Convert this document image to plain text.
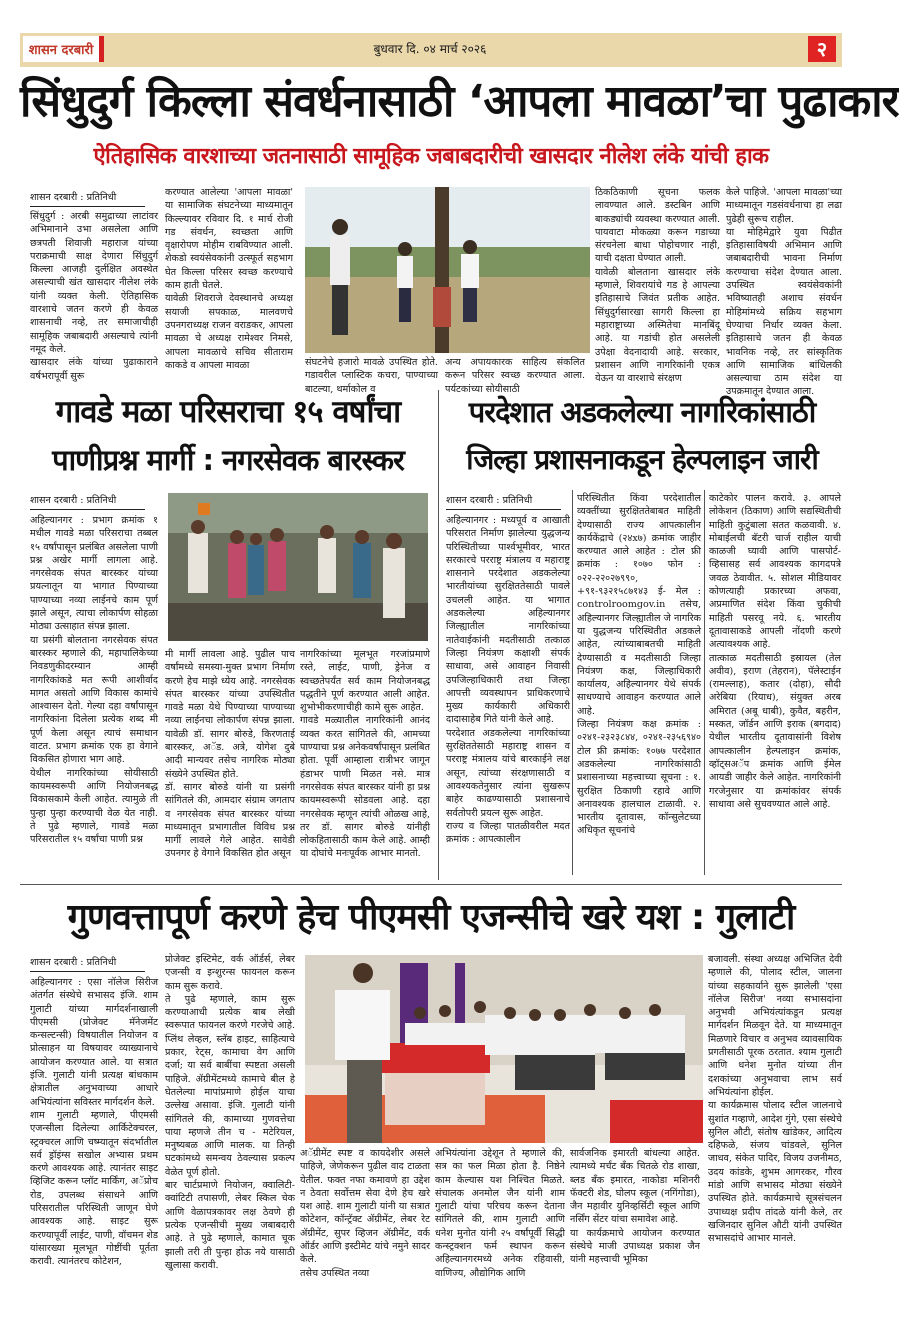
शासन दरबारी	बुधवार दि. ०४ मार्च २०२६	२
सिंधुदुर्ग किल्ला संवर्धनासाठी ‘आपला मावळा’चा पुढाकार
ऐतिहासिक वारशाच्या जतनासाठी सामूहिक जबाबदारीची खासदार नीलेश लंके यांची हाक
शासन दरबारी : प्रतिनिधी
सिंधुदुर्ग : अरबी समुद्राच्या लाटांवर अभिमानाने उभा असलेला आणि छत्रपती शिवाजी महाराज यांच्या पराक्रमाची साक्ष देणारा सिंधुदुर्ग किल्ला आजही दुर्लक्षित अवस्थेत असल्याची खंत खासदार नीलेश लंके यांनी व्यक्त केली. ऐतिहासिक वारशाचे जतन करणे ही केवळ शासनाची नव्हे, तर समाजाचीही सामूहिक जबाबदारी असल्याचे त्यांनी नमूद केले.
खासदार लंके यांच्या पुढाकाराने वर्षभरापूर्वी सुरू
करण्यात आलेल्या 'आपला मावळा' या सामाजिक संघटनेच्या माध्यमातून किल्ल्यावर रविवार दि. १ मार्च रोजी गड संवर्धन, स्वच्छता आणि वृक्षारोपण मोहीम राबविण्यात आली. शेकडो स्वयंसेवकांनी उत्स्फूर्त सहभाग घेत किल्ला परिसर स्वच्छ करण्याचे काम हाती घेतले.
यावेळी शिवराजे देवस्थानचे अध्यक्ष सयाजी सपकाळ, मालवणचे उपनगराध्यक्ष राजन वराडकर, आपला मावळा चे अध्यक्ष रामेश्वर निमसे, आपला मावळाचे सचिव सीताराम काकडे व आपला मावळा	संघटनेचे हजारो मावळे उपस्थित होते. गडावरील प्लास्टिक कचरा, पाण्याच्या बाटल्या, थर्माकोल व
अन्य अपायकारक साहित्य संकलित करून परिसर स्वच्छ करण्यात आला. पर्यटकांच्या सोयीसाठी
ठिकठिकाणी सूचना फलक लावण्यात आले. डस्टबिन आणि बाकड्यांची व्यवस्था करण्यात आली. पायवाटा मोकळ्या करून गडाच्या संरचनेला बाधा पोहोचणार नाही, याची दक्षता घेण्यात आली.
यावेळी बोलताना खासदार लंके म्हणाले, शिवरायांचे गड हे आपल्या इतिहासाचे जिवंत प्रतीक आहेत. सिंधुदुर्गसारखा सागरी किल्ला हा महाराष्ट्राच्या अस्मितेचा मानबिंदू आहे. या गडांची होत असलेली उपेक्षा वेदनादायी आहे. सरकार, प्रशासन आणि नागरिकांनी एकत्र येऊन या वारशाचे संरक्षण
केले पाहिजे. 'आपला मावळा'च्या माध्यमातून गडसंवर्धनाचा हा लढा पुढेही सुरूच राहील.
या मोहिमेद्वारे युवा पिढीत इतिहासाविषयी अभिमान आणि जबाबदारीची भावना निर्माण करण्याचा संदेश देण्यात आला. उपस्थित स्वयंसेवकांनी भविष्यातही अशाच संवर्धन मोहिमांमध्ये सक्रिय सहभाग घेण्याचा निर्धार व्यक्त केला. इतिहासाचे जतन ही केवळ भावनिक नव्हे, तर सांस्कृतिक आणि सामाजिक बांधिलकी असल्याचा ठाम संदेश या उपक्रमातून देण्यात आला.
गावडे मळा परिसराचा १५ वर्षांचा
पाणीप्रश्न मार्गी : नगरसेवक बारस्कर
शासन दरबारी : प्रतिनिधी
अहिल्यानगर : प्रभाग क्रमांक १ मधील गावडे मळा परिसराचा तब्बल १५ वर्षांपासून प्रलंबित असलेला पाणी प्रश्न अखेर मार्गी लागला आहे. नगरसेवक संपत बारस्कर यांच्या प्रयत्नातून या भागात पिण्याच्या पाण्याच्या नव्या लाईनचे काम पूर्ण झाले असून, त्याचा लोकार्पण सोहळा मोठ्या उत्साहात संपन्न झाला.
या प्रसंगी बोलताना नगरसेवक संपत बारस्कर म्हणाले की, महापालिकेच्या निवडणुकीदरम्यान आम्ही नागरिकांकडे मत रूपी आशीर्वाद मागत असतो आणि विकास कामांचे आश्वासन देतो. गेल्या दहा वर्षांपासून नागरिकांना दिलेला प्रत्येक शब्द मी पूर्ण केला असून त्याचं समाधान वाटत. प्रभाग क्रमांक एक हा वेगाने विकसित होणारा भाग आहे.
येथील नागरिकांच्या सोयीसाठी कायमस्वरूपी आणि नियोजनबद्ध विकासकामे केली आहेत. त्यामुळे ती पुन्हा पुन्हा करण्याची वेळ येत नाही. ते पुढे म्हणाले, गावडे मळा परिसरातील १५ वर्षांचा पाणी प्रश्न
मी मार्गी लावला आहे. पुढील पाच वर्षांमध्ये समस्या-मुक्त प्रभाग निर्माण करणे हेच माझे ध्येय आहे. नगरसेवक संपत बारस्कर यांच्या उपस्थितीत गावडे मळा येथे पिण्याच्या पाण्याच्या नव्या लाईनचा लोकार्पण संपन्न झाला. यावेळी डॉ. सागर बोरुडे, किरणताई बारस्कर, अॅड. अत्रे, योगेश दुबे आदी मान्यवर तसेच नागरिक मोठ्या संख्येने उपस्थित होते.
डॉ. सागर बोरुडे यांनी या प्रसंगी सांगितले की, आमदार संग्राम जगताप व नगरसेवक संपत बारस्कर यांच्या माध्यमातून प्रभागातील विविध प्रश्न मार्गी लावले गेले आहेत. सावेडी उपनगर हे वेगाने विकसित होत असून
नागरिकांच्या मूलभूत गरजांप्रमाणे रस्ते, लाईट, पाणी, ड्रेनेज व स्वच्छतेपर्यंत सर्व काम नियोजनबद्ध पद्धतीने पूर्ण करण्यात आली आहेत. शुभोभीकरणाचीही कामे सुरू आहेत.
गावडे मळ्यातील नागरिकांनी आनंद व्यक्त करत सांगितले की, आमच्या पाण्याचा प्रश्न अनेकवर्षांपासून प्रलंबित होता. पूर्वी आम्हाला रात्रीभर जागून हंडाभर पाणी मिळत नसे. मात्र नगरसेवक संपत बारस्कर यांनी हा प्रश्न कायमस्वरूपी सोडवला आहे. दहा नगरसेवक म्हणून त्यांची ओळख आहे, तर डॉ. सागर बोरुडे यांनीही लोकहितासाठी काम केले आहे. आम्ही या दोघांचे मनःपूर्वक आभार मानतो.
परदेशात अडकलेल्या नागरिकांसाठी
जिल्हा प्रशासनाकडून हेल्पलाइन जारी
शासन दरबारी : प्रतिनिधी
अहिल्यानगर : मध्यपूर्व व आखाती परिसरात निर्माण झालेल्या युद्धजन्य परिस्थितीच्या पार्श्वभूमीवर, भारत सरकारचे परराष्ट्र मंत्रालय व महाराष्ट्र शासनाने परदेशात अडकलेल्या भारतीयांच्या सुरक्षिततेसाठी पावले उचलली आहेत. या भागात अडकलेल्या अहिल्यानगर जिल्ह्यातील नागरिकांच्या नातेवाईकांनी मदतीसाठी तत्काळ जिल्हा नियंत्रण कक्षाशी संपर्क साधावा, असे आवाहन निवासी उपजिल्हाधिकारी तथा जिल्हा आपत्ती व्यवस्थापन प्राधिकरणाचे मुख्य कार्यकारी अधिकारी दादासाहेब गिते यांनी केले आहे.
परदेशात अडकलेल्या नागरिकांच्या सुरक्षिततेसाठी महाराष्ट्र शासन व परराष्ट्र मंत्रालय यांचे बारकाईने लक्ष असून, त्यांच्या संरक्षणासाठी व आवश्यकतेनुसार त्यांना सुखरूप बाहेर काढण्यासाठी प्रशासनाचे सर्वतोपरी प्रयत्न सुरू आहेत.
राज्य व जिल्हा पातळीवरील मदत क्रमांक : आपत्कालीन
परिस्थितीत किंवा परदेशातील व्यक्तींच्या सुरक्षिततेबाबत माहिती देण्यासाठी राज्य आपत्कालीन कार्यकेंद्राचे (२४x७) क्रमांक जाहीर करण्यात आले आहेत : टोल फ्री क्रमांक : १०७० फोन : ०२२-२२०२७९९०, +९१-९३२१५८७१४३ ई- मेल : controlroomgov.in तसेच, अहिल्यानगर जिल्ह्यातील जे नागरिक या युद्धजन्य परिस्थितीत अडकले आहेत, त्यांच्याबाबतची माहिती देण्यासाठी व मदतीसाठी जिल्हा नियंत्रण कक्ष, जिल्हाधिकारी कार्यालय, अहिल्यानगर येथे संपर्क साधण्याचे आवाहन करण्यात आले आहे.
जिल्हा नियंत्रण कक्ष क्रमांक : ०२४१-२३२३८४४, ०२४१-२३५६९४० टोल फ्री क्रमांक: १०७७ परदेशात अडकलेल्या नागरिकांसाठी प्रशासनाच्या महत्त्वाच्या सूचना : १. सुरक्षित ठिकाणी रहावे आणि अनावश्यक हालचाल टाळावी. २. भारतीय दूतावास, कॉन्सुलेटच्या अधिकृत सूचनांचे
काटेकोर पालन करावे. ३. आपले लोकेशन (ठिकाण) आणि सद्यस्थितीची माहिती कुटुंबाला सतत कळवावी. ४. मोबाईलची बॅटरी चार्ज राहील याची काळजी घ्यावी आणि पासपोर्ट-व्हिसासह सर्व आवश्यक कागदपत्रे जवळ ठेवावीत. ५. सोशल मीडियावर कोणत्याही प्रकारच्या अफवा, अप्रमाणित संदेश किंवा चुकीची माहिती पसरवू नये. ६. भारतीय दूतावासाकडे आपली नोंदणी करणे अत्यावश्यक आहे.
तात्काळ मदतीसाठी इस्रायल (तेल अवीव), इराण (तेहरान), पॅलेस्टाईन (रामल्लाह), कतार (दोहा), सौदी अरेबिया (रियाध), संयुक्त अरब अमिरात (अबू धाबी), कुवैत, बहरीन, मस्कत, जॉर्डन आणि इराक (बगदाद) येथील भारतीय दूतावासांनी विशेष आपत्कालीन हेल्पलाइन क्रमांक, व्हॉट्सअॅप क्रमांक आणि ईमेल आयडी जाहीर केले आहेत. नागरिकांनी गरजेनुसार या क्रमांकांवर संपर्क साधावा असे सुचवण्यात आले आहे.
गुणवत्तापूर्ण करणे हेच पीएमसी एजन्सीचे खरे यश : गुलाटी
शासन दरबारी : प्रतिनिधी
अहिल्यानगर : एसा नॉलेज सिरीज अंतर्गत संस्थेचे सभासद इंजि. शाम गुलाटी यांच्या मार्गदर्शनाखाली पीएमसी (प्रोजेक्ट मॅनेजमेंट कन्सल्टन्सी) विषयातील नियोजन व प्रोत्साहन या विषयावर व्याख्यानाचे आयोजन करण्यात आले. या सत्रात इंजि. गुलाटी यांनी प्रत्यक्ष बांधकाम क्षेत्रातील अनुभवाच्या आधारे अभियंत्यांना सविस्तर मार्गदर्शन केले.
शाम गुलाटी म्हणाले, पीएमसी एजन्सीला दिलेल्या आर्किटेक्चरल, स्ट्रक्चरल आणि चष्म्यातून संदर्भातील सर्व ड्रॉइंग्स सखोल अभ्यास प्रथम करणे आवश्यक आहे. त्यानंतर साइट व्हिजिट करून प्लॉट मार्किंग, अॅप्रोच रोड, उपलब्ध संसाधने आणि परिसरातील परिस्थिती जाणून घेणे आवश्यक आहे. साइट सुरू करण्यापूर्वी लाईट, पाणी, वॉचमन शेड यांसारख्या मूलभूत गोष्टींची पूर्तता करावी. त्यानंतरच कोटेशन,
प्रोजेक्ट इस्टिमेट, वर्क ऑर्डर्स, लेबर एजन्सी व इन्शुरन्स फायनल करून काम सुरू करावे.
ते पुढे म्हणाले, काम सुरू करण्याआधी प्रत्येक बाब लेखी स्वरूपात फायनल करणे गरजेचे आहे. प्लिंथ लेव्हल, स्लॅब हाइट, साहित्याचे प्रकार, रेट्स, कामाचा वेग आणि दर्जा; या सर्व बाबींचा स्पष्टता असली पाहिजे. ॲग्रीमेंटमध्ये कामाचे बील हे घेतलेल्या मापांप्रमाणे होईल याचा उल्लेख असावा. इंजि. गुलाटी यांनी सांगितले की, कामाच्या गुणवत्तेचा पाया म्हणजे तीन च - मटेरियल, मनुष्यबळ आणि मालक. या तिन्ही घटकांमध्ये समन्वय ठेवल्यास प्रकल्प वेळेत पूर्ण होतो.
बार चार्टप्रमाणे नियोजन, क्वालिटी-क्वांटिटी तपासणी, लेबर स्किल चेक आणि वेळापत्रकावर लक्ष ठेवणे ही प्रत्येक एजन्सीची मुख्य जबाबदारी आहे. ते पुढे म्हणाले, कामात चूक झाली तरी ती पुन्हा होऊ नये यासाठी खुलासा करावी.
अॅग्रीमेंट स्पष्ट व कायदेशीर असले पाहिजे, जेणेकरून पुढील वाद टाळता येतील. फक्त नफा कमावणे हा उद्देश न ठेवता सर्वोत्तम सेवा देणे हेच खरे यश आहे. शाम गुलाटी यांनी या सत्रात कोटेशन, कॉन्ट्रॅक्ट ॲग्रीमेंट, लेबर रेट ॲग्रीमेंट, सुपर व्हिजन ॲग्रीमेंट, वर्क ऑर्डर आणि इस्टीमेट यांचे नमुने सादर केले.
तसेच उपस्थित नव्या
अभियंत्यांना उद्देशून ते म्हणाले की, सत्र का फल मिळा होता है. निष्ठेने काम केल्यास यश निश्चित मिळते. संचालक अनमोल जैन यांनी शाम गुलाटी यांचा परिचय करून देताना सांगितले की, शाम गुलाटी आणि धनेश मुनोत यांनी २५ वर्षांपूर्वी सिद्धी कन्स्ट्रक्शन फर्म स्थापन करून अहिल्यानगरमध्ये अनेक रहिवासी, वाणिज्य, औद्योगिक आणि
सार्वजनिक इमारती बांधल्या आहेत. त्यामध्ये मर्चंट बँक चितळे रोड शाखा, ब्लड बँक इमारत, नाकोडा मशिनरी फॅक्टरी शेड, घोलप स्कूल (नगिंगोडा), जैन महावीर युनिव्हर्सिटी स्कूल आणि नर्सिंग सेंटर यांचा समावेश आहे.
या कार्यक्रमाचे आयोजन करण्यात संस्थेचे माजी उपाध्यक्ष प्रकाश जैन यांनी महत्त्वाची भूमिका
बजावली. संस्था अध्यक्ष अभिजित देवी म्हणाले की, पोलाद स्टील, जालना यांच्या सहकार्याने सुरू झालेली 'एसा नॉलेज सिरीज' नव्या सभासदांना अनुभवी अभियंत्यांकडून प्रत्यक्ष मार्गदर्शन मिळवून देते. या माध्यमातून मिळणारे विचार व अनुभव व्यावसायिक प्रगतीसाठी पूरक ठरतात. श्याम गुलाटी आणि धनेश मुनोत यांच्या तीन दशकांच्या अनुभवाचा लाभ सर्व अभियंत्यांना होईल.
या कार्यक्रमास पोलाद स्टील जालनाचे सुशांत गव्हाणे, आदेश गुंगे, एसा संस्थेचे सुनिल औटी, संतोष खांडेकर, आदित्य दहिफळे, संजय चांडवले, सुनिल जाधव, संकेत पादिर, विजय उजनीमठ, उदय कांडके, शुभम आगरकर, गौरव मांडो आणि सभासद मोठ्या संख्येने उपस्थित होते. कार्यक्रमाचे सूत्रसंचलन उपाध्यक्ष प्रदीप तांदळे यांनी केले, तर खजिनदार सुनिल औटी यांनी उपस्थित सभासदांचे आभार मानले.
